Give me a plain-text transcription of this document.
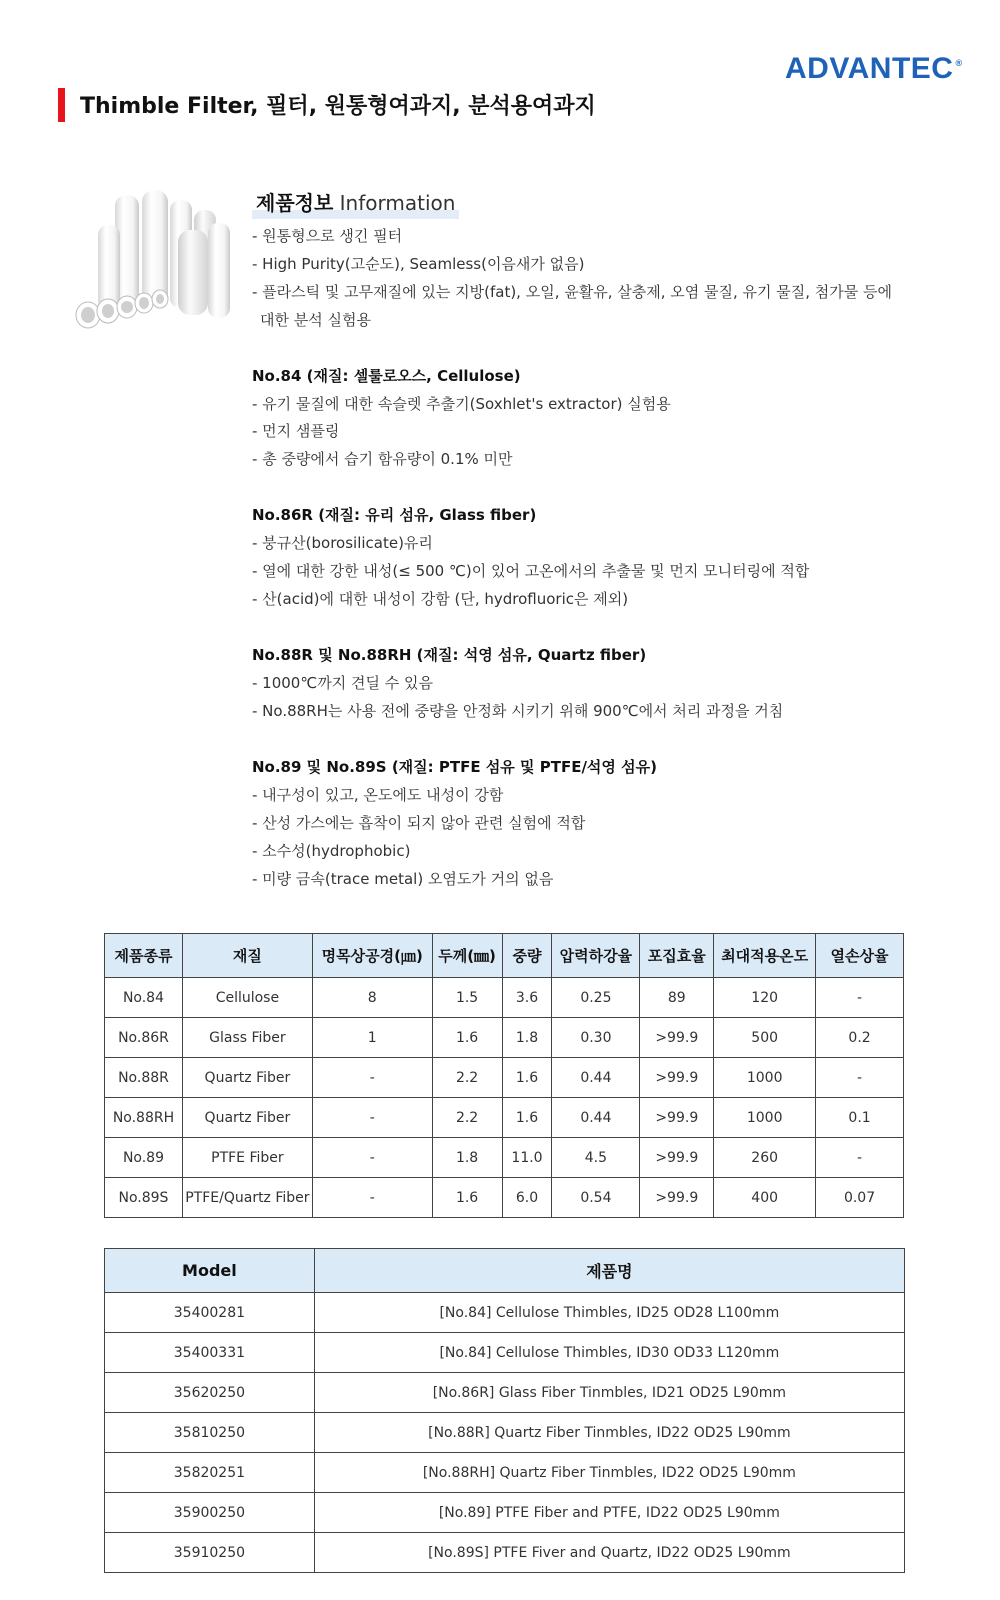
ADVANTEC ®
Thimble Filter, 필터, 원통형여과지, 분석용여과지
제품정보 Information
- 원통형으로 생긴 필터
- High Purity(고순도), Seamless(이음새가 없음)
- 플라스틱 및 고무재질에 있는 지방(fat), 오일, 윤활유, 살충제, 오염 물질, 유기 물질, 첨가물 등에
대한 분석 실험용
No.84 (재질: 셀룰로오스, Cellulose)
- 유기 물질에 대한 속슬렛 추출기(Soxhlet's extractor) 실험용
- 먼지 샘플링
- 총 중량에서 습기 함유량이 0.1% 미만
No.86R (재질: 유리 섬유, Glass fiber)
- 붕규산(borosilicate)유리
- 열에 대한 강한 내성(≤ 500 ℃)이 있어 고온에서의 추출물 및 먼지 모니터링에 적합
- 산(acid)에 대한 내성이 강함 (단, hydrofluoric은 제외)
No.88R 및 No.88RH (재질: 석영 섬유, Quartz fiber)
- 1000℃까지 견딜 수 있음
- No.88RH는 사용 전에 중량을 안정화 시키기 위해 900℃에서 처리 과정을 거침
No.89 및 No.89S (재질: PTFE 섬유 및 PTFE/석영 섬유)
- 내구성이 있고, 온도에도 내성이 강함
- 산성 가스에는 흡착이 되지 않아 관련 실험에 적합
- 소수성(hydrophobic)
- 미량 금속(trace metal) 오염도가 거의 없음
제품종류	재질	명목상공경(㎛)	두께(㎜)	중량	압력하강율	포집효율	최대적용온도	열손상율
No.84	Cellulose	8	1.5	3.6	0.25	89	120	-
No.86R	Glass Fiber	1	1.6	1.8	0.30	>99.9	500	0.2
No.88R	Quartz Fiber	-	2.2	1.6	0.44	>99.9	1000	-
No.88RH	Quartz Fiber	-	2.2	1.6	0.44	>99.9	1000	0.1
No.89	PTFE Fiber	-	1.8	11.0	4.5	>99.9	260	-
No.89S	PTFE/Quartz Fiber	-	1.6	6.0	0.54	>99.9	400	0.07
Model	제품명
35400281	[No.84] Cellulose Thimbles, ID25 OD28 L100mm
35400331	[No.84] Cellulose Thimbles, ID30 OD33 L120mm
35620250	[No.86R] Glass Fiber Tinmbles, ID21 OD25 L90mm
35810250	[No.88R] Quartz Fiber Tinmbles, ID22 OD25 L90mm
35820251	[No.88RH] Quartz Fiber Tinmbles, ID22 OD25 L90mm
35900250	[No.89] PTFE Fiber and PTFE, ID22 OD25 L90mm
35910250	[No.89S] PTFE Fiver and Quartz, ID22 OD25 L90mm
